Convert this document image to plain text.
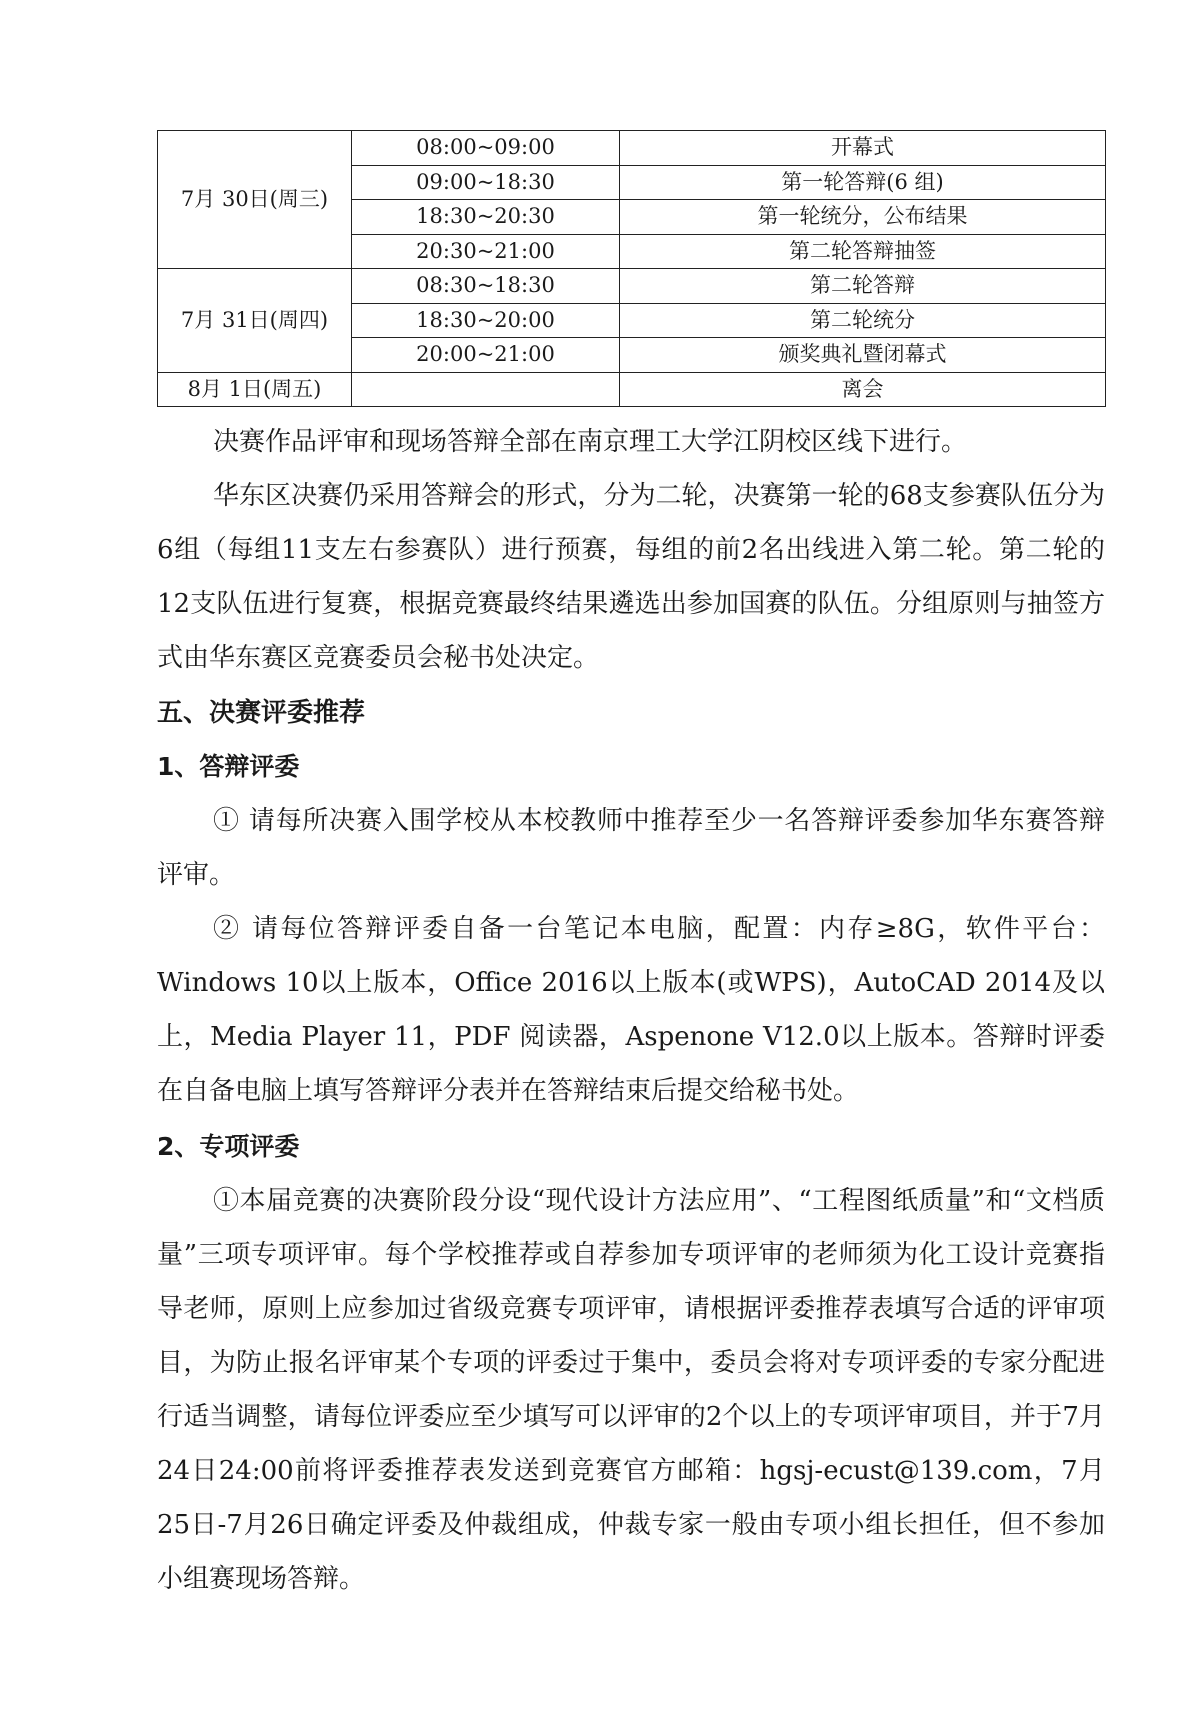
7月 30日(周三)	08:00~09:00	开幕式
	09:00~18:30	第一轮答辩(6 组)
	18:30~20:30	第一轮统分，公布结果
	20:30~21:00	第二轮答辩抽签
7月 31日(周四)	08:30~18:30	第二轮答辩
	18:30~20:00	第二轮统分
	20:00~21:00	颁奖典礼暨闭幕式
8月 1日(周五)		离会

决赛作品评审和现场答辩全部在南京理工大学江阴校区线下进行。

华东区决赛仍采用答辩会的形式，分为二轮，决赛第一轮的68支参赛队伍分为6组（每组11支左右参赛队）进行预赛，每组的前2名出线进入第二轮。第二轮的12支队伍进行复赛，根据竞赛最终结果遴选出参加国赛的队伍。分组原则与抽签方式由华东赛区竞赛委员会秘书处决定。

五、决赛评委推荐
1、答辩评委

① 请每所决赛入围学校从本校教师中推荐至少一名答辩评委参加华东赛答辩评审。

② 请每位答辩评委自备一台笔记本电脑，配置：内存≥8G，软件平台：Windows 10以上版本，Office 2016以上版本(或WPS)，AutoCAD 2014及以上，Media Player 11，PDF 阅读器，Aspenone V12.0以上版本。答辩时评委在自备电脑上填写答辩评分表并在答辩结束后提交给秘书处。

2、专项评委

①本届竞赛的决赛阶段分设“现代设计方法应用”、“工程图纸质量”和“文档质量”三项专项评审。每个学校推荐或自荐参加专项评审的老师须为化工设计竞赛指导老师，原则上应参加过省级竞赛专项评审，请根据评委推荐表填写合适的评审项目，为防止报名评审某个专项的评委过于集中，委员会将对专项评委的专家分配进行适当调整，请每位评委应至少填写可以评审的2个以上的专项评审项目，并于7月24日24:00前将评委推荐表发送到竞赛官方邮箱：hgsj-ecust@139.com，7月25日-7月26日确定评委及仲裁组成，仲裁专家一般由专项小组长担任，但不参加小组赛现场答辩。
